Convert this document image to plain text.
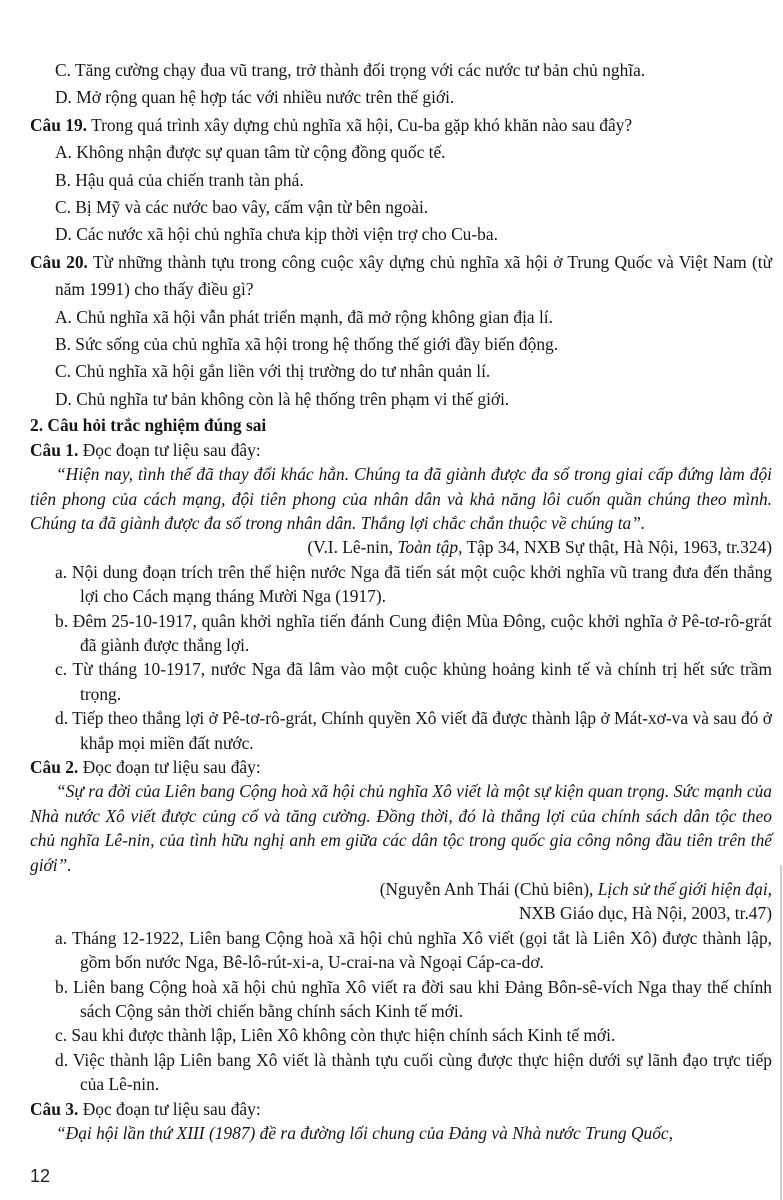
C. Tăng cường chạy đua vũ trang, trở thành đối trọng với các nước tư bản chủ nghĩa.

D. Mở rộng quan hệ hợp tác với nhiều nước trên thế giới.

Câu 19. Trong quá trình xây dựng chủ nghĩa xã hội, Cu-ba gặp khó khăn nào sau đây?

A. Không nhận được sự quan tâm từ cộng đồng quốc tế.

B. Hậu quả của chiến tranh tàn phá.

C. Bị Mỹ và các nước bao vây, cấm vận từ bên ngoài.

D. Các nước xã hội chủ nghĩa chưa kịp thời viện trợ cho Cu-ba.

Câu 20. Từ những thành tựu trong công cuộc xây dựng chủ nghĩa xã hội ở Trung Quốc và Việt Nam (từ năm 1991) cho thấy điều gì?

A. Chủ nghĩa xã hội vẫn phát triển mạnh, đã mở rộng không gian địa lí.

B. Sức sống của chủ nghĩa xã hội trong hệ thống thế giới đầy biến động.

C. Chủ nghĩa xã hội gắn liền với thị trường do tư nhân quản lí.

D. Chủ nghĩa tư bản không còn là hệ thống trên phạm vi thế giới.

2. Câu hỏi trắc nghiệm đúng sai

Câu 1. Đọc đoạn tư liệu sau đây:

“Hiện nay, tình thế đã thay đổi khác hẳn. Chúng ta đã giành được đa số trong giai cấp đứng làm đội tiên phong của cách mạng, đội tiên phong của nhân dân và khả năng lôi cuốn quần chúng theo mình. Chúng ta đã giành được đa số trong nhân dân. Thắng lợi chắc chắn thuộc về chúng ta”.

(V.I. Lê-nin, Toàn tập, Tập 34, NXB Sự thật, Hà Nội, 1963, tr.324)

a. Nội dung đoạn trích trên thể hiện nước Nga đã tiến sát một cuộc khởi nghĩa vũ trang đưa đến thắng lợi cho Cách mạng tháng Mười Nga (1917).

b. Đêm 25-10-1917, quân khởi nghĩa tiến đánh Cung điện Mùa Đông, cuộc khởi nghĩa ở Pê-tơ-rô-grát đã giành được thắng lợi.

c. Từ tháng 10-1917, nước Nga đã lâm vào một cuộc khủng hoảng kinh tế và chính trị hết sức trầm trọng.

d. Tiếp theo thắng lợi ở Pê-tơ-rô-grát, Chính quyền Xô viết đã được thành lập ở Mát-xơ-va và sau đó ở khắp mọi miền đất nước.

Câu 2. Đọc đoạn tư liệu sau đây:

“Sự ra đời của Liên bang Cộng hoà xã hội chủ nghĩa Xô viết là một sự kiện quan trọng. Sức mạnh của Nhà nước Xô viết được củng cố và tăng cường. Đồng thời, đó là thắng lợi của chính sách dân tộc theo chủ nghĩa Lê-nin, của tình hữu nghị anh em giữa các dân tộc trong quốc gia công nông đầu tiên trên thế giới”.

(Nguyễn Anh Thái (Chủ biên), Lịch sử thế giới hiện đại,

NXB Giáo dục, Hà Nội, 2003, tr.47)

a. Tháng 12-1922, Liên bang Cộng hoà xã hội chủ nghĩa Xô viết (gọi tắt là Liên Xô) được thành lập, gồm bốn nước Nga, Bê-lô-rút-xi-a, U-crai-na và Ngoại Cáp-ca-dơ.

b. Liên bang Cộng hoà xã hội chủ nghĩa Xô viết ra đời sau khi Đảng Bôn-sê-vích Nga thay thế chính sách Cộng sản thời chiến bằng chính sách Kinh tế mới.

c. Sau khi được thành lập, Liên Xô không còn thực hiện chính sách Kinh tế mới.

d. Việc thành lập Liên bang Xô viết là thành tựu cuối cùng được thực hiện dưới sự lãnh đạo trực tiếp của Lê-nin.

Câu 3. Đọc đoạn tư liệu sau đây:

“Đại hội lần thứ XIII (1987) đề ra đường lối chung của Đảng và Nhà nước Trung Quốc,

12
